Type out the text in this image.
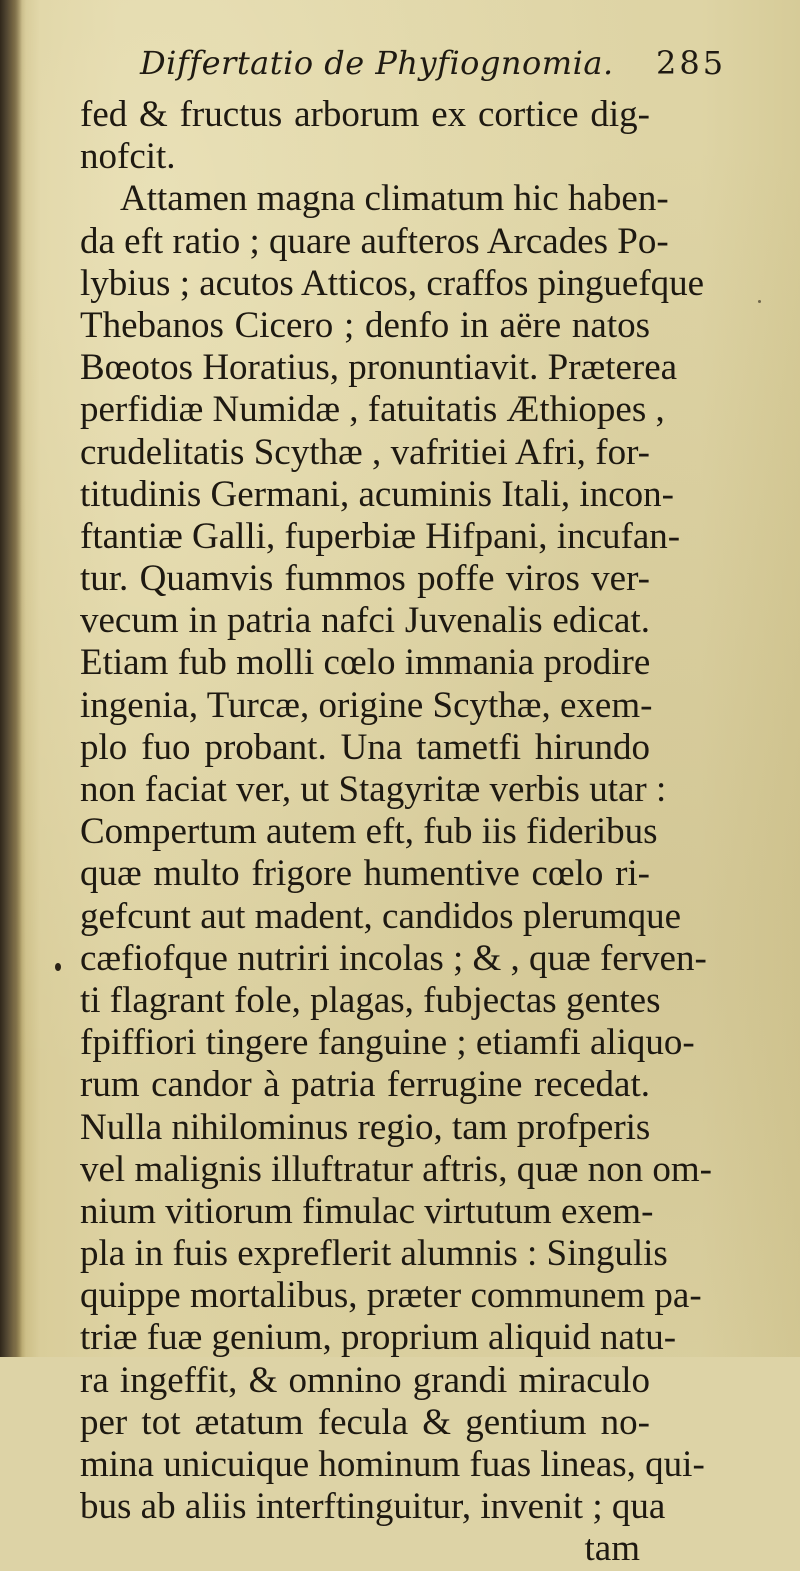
Differtatio de Phyfiognomia. 285
fed & fructus arborum ex cortice dig-
nofcit.
Attamen magna climatum hic haben-
da eft ratio ; quare aufteros Arcades Po-
lybius ; acutos Atticos, craffos pinguefque
Thebanos Cicero ; denfo in aëre natos
Bœotos Horatius, pronuntiavit. Præterea
perfidiæ Numidæ , fatuitatis Æthiopes ,
crudelitatis Scythæ , vafritiei Afri, for-
titudinis Germani, acuminis Itali, incon-
ftantiæ Galli, fuperbiæ Hifpani, incufan-
tur. Quamvis fummos poffe viros ver-
vecum in patria nafci Juvenalis edicat.
Etiam fub molli cœlo immania prodire
ingenia, Turcæ, origine Scythæ, exem-
plo fuo probant. Una tametfi hirundo
non faciat ver, ut Stagyritæ verbis utar :
Compertum autem eft, fub iis fideribus
quæ multo frigore humentive cœlo ri-
gefcunt aut madent, candidos plerumque
cæfiofque nutriri incolas ; & , quæ ferven-
ti flagrant fole, plagas, fubjectas gentes
fpiffiori tingere fanguine ; etiamfi aliquo-
rum candor à patria ferrugine recedat.
Nulla nihilominus regio, tam profperis
vel malignis illuftratur aftris, quæ non om-
nium vitiorum fimulac virtutum exem-
pla in fuis expreflerit alumnis : Singulis
quippe mortalibus, præter communem pa-
triæ fuæ genium, proprium aliquid natu-
ra ingeffit, & omnino grandi miraculo
per tot ætatum fecula & gentium no-
mina unicuique hominum fuas lineas, qui-
bus ab aliis interftinguitur, invenit ; qua
tam
